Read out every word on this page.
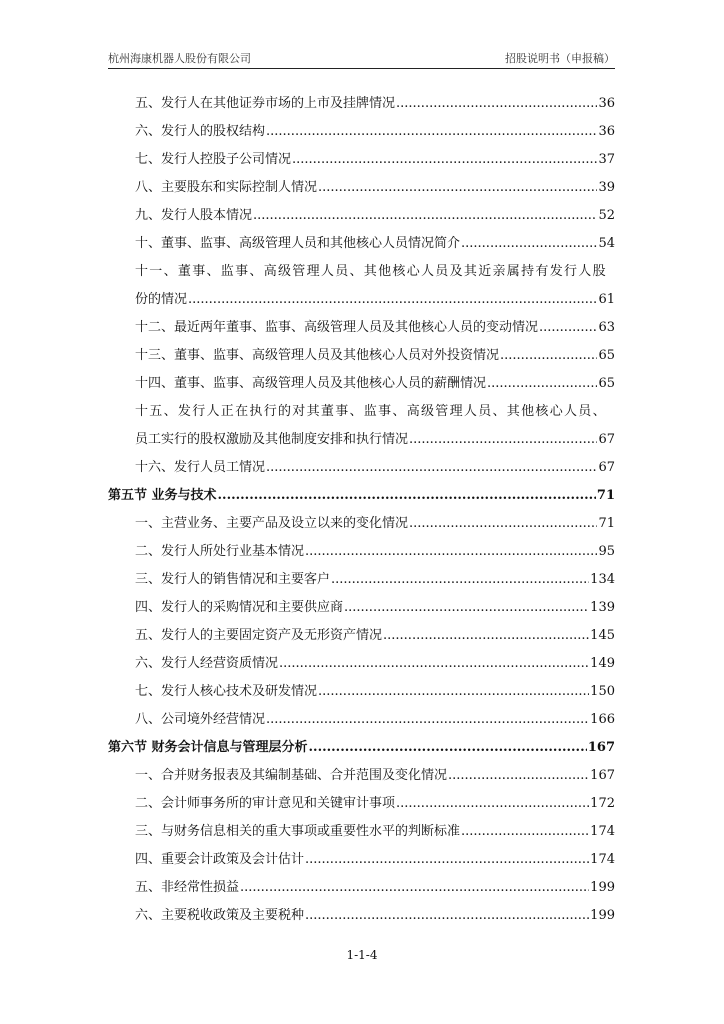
杭州海康机器人股份有限公司	招股说明书（申报稿）
五、发行人在其他证券市场的上市及挂牌情况 .....	36
六、发行人的股权结构 .....	36
七、发行人控股子公司情况 .....	37
八、主要股东和实际控制人情况 .....	39
九、发行人股本情况 .....	52
十、董事、监事、高级管理人员和其他核心人员情况简介 .....	54
十一、董事、监事、高级管理人员、其他核心人员及其近亲属持有发行人股
份的情况 .....	61
十二、最近两年董事、监事、高级管理人员及其他核心人员的变动情况 .....	63
十三、董事、监事、高级管理人员及其他核心人员对外投资情况 .....	65
十四、董事、监事、高级管理人员及其他核心人员的薪酬情况 .....	65
十五、发行人正在执行的对其董事、监事、高级管理人员、其他核心人员、
员工实行的股权激励及其他制度安排和执行情况 .....	67
十六、发行人员工情况 .....	67
第五节 业务与技术 .....	71
一、主营业务、主要产品及设立以来的变化情况 .....	71
二、发行人所处行业基本情况 .....	95
三、发行人的销售情况和主要客户 .....	134
四、发行人的采购情况和主要供应商 .....	139
五、发行人的主要固定资产及无形资产情况 .....	145
六、发行人经营资质情况 .....	149
七、发行人核心技术及研发情况 .....	150
八、公司境外经营情况 .....	166
第六节 财务会计信息与管理层分析 .....	167
一、合并财务报表及其编制基础、合并范围及变化情况 .....	167
二、会计师事务所的审计意见和关键审计事项 .....	172
三、与财务信息相关的重大事项或重要性水平的判断标准 .....	174
四、重要会计政策及会计估计 .....	174
五、非经常性损益 .....	199
六、主要税收政策及主要税种 .....	199
1-1-4
